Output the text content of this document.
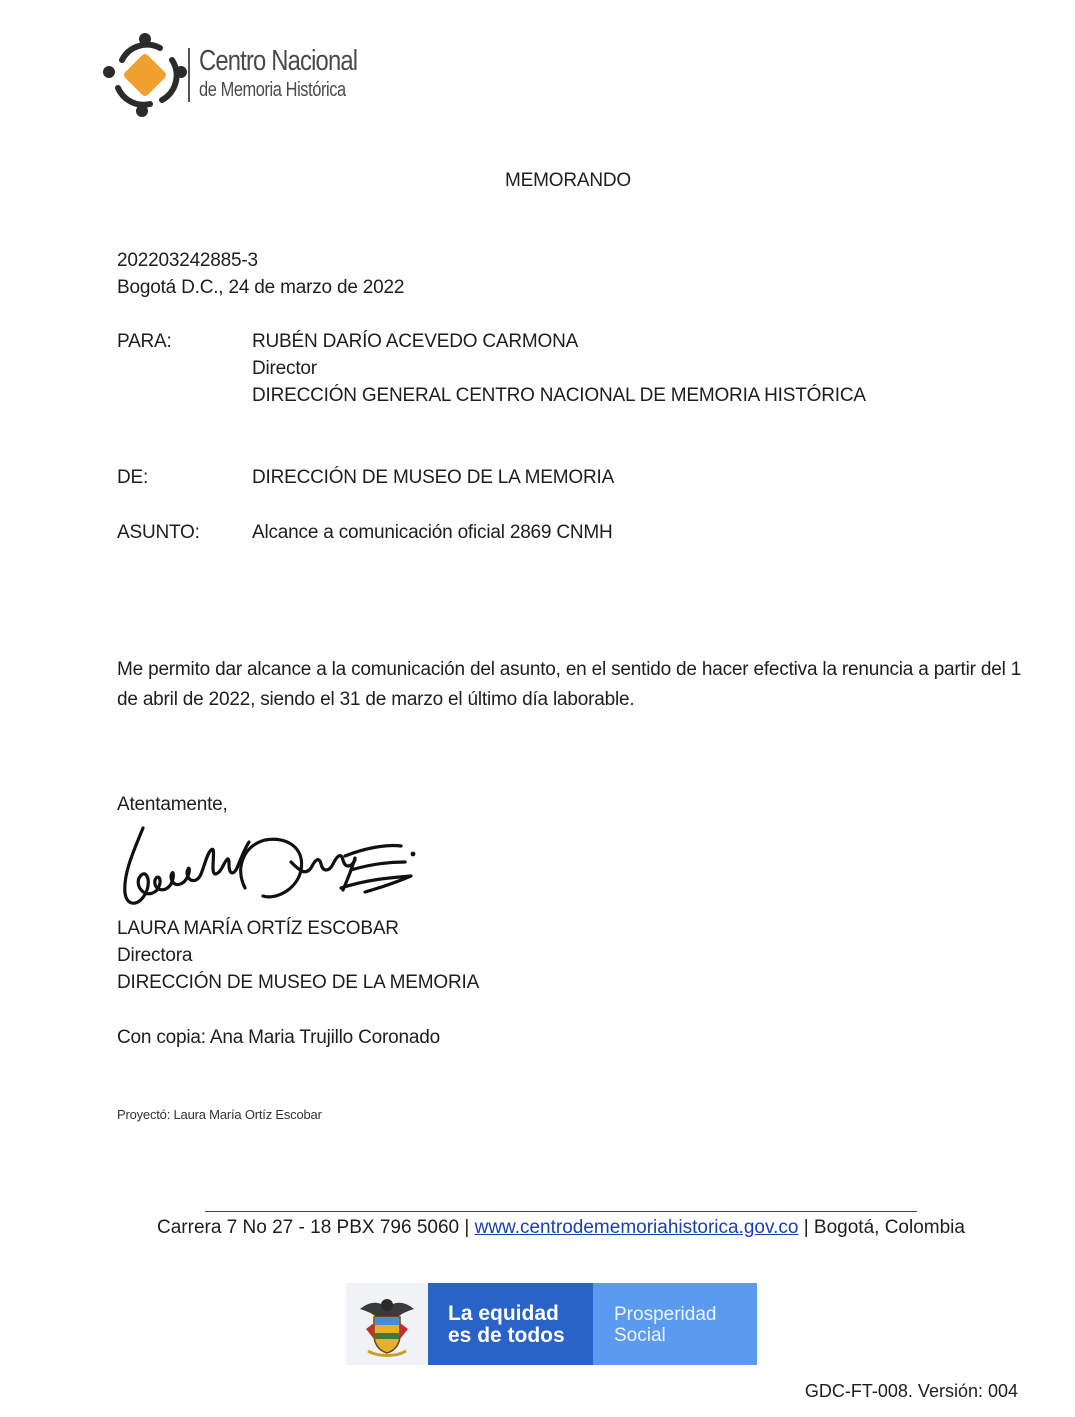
Centro Nacional
de Memoria Histórica
MEMORANDO
202203242885-3
Bogotá D.C., 24 de marzo de 2022
PARA:	RUBÉN DARÍO ACEVEDO CARMONA
Director
DIRECCIÓN GENERAL CENTRO NACIONAL DE MEMORIA HISTÓRICA
DE:	DIRECCIÓN DE MUSEO DE LA MEMORIA
ASUNTO:	Alcance a comunicación oficial 2869 CNMH
Me permito dar alcance a la comunicación del asunto, en el sentido de hacer efectiva la renuncia a partir del 1 de abril de 2022, siendo el 31 de marzo el último día laborable.
Atentamente,
LAURA MARÍA ORTÍZ ESCOBAR
Directora
DIRECCIÓN DE MUSEO DE LA MEMORIA
Con copia: Ana Maria Trujillo Coronado
Proyectó: Laura María Ortíz Escobar
Carrera 7 No 27 - 18 PBX 796 5060 | www.centrodememoriahistorica.gov.co | Bogotá, Colombia
La equidad
es de todos
Prosperidad
Social
GDC-FT-008. Versión: 004
